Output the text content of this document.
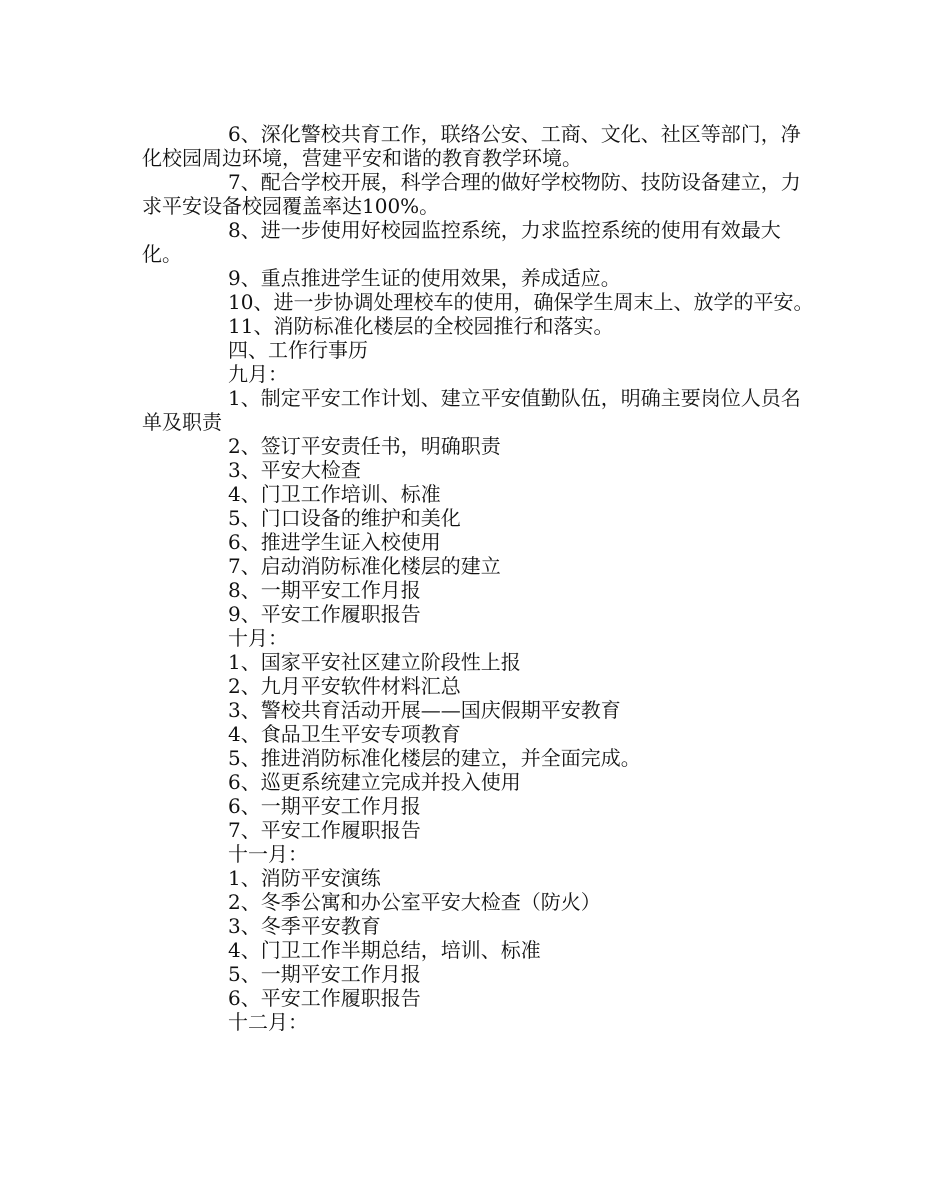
6、深化警校共育工作，联络公安、工商、文化、社区等部门，净化校园周边环境，营建平安和谐的教育教学环境。

7、配合学校开展，科学合理的做好学校物防、技防设备建立，力求平安设备校园覆盖率达100%。

8、进一步使用好校园监控系统，力求监控系统的使用有效最大化。

9、重点推进学生证的使用效果，养成适应。

10、进一步协调处理校车的使用，确保学生周末上、放学的平安。

11、消防标准化楼层的全校园推行和落实。

四、工作行事历

九月：

1、制定平安工作计划、建立平安值勤队伍，明确主要岗位人员名单及职责

2、签订平安责任书，明确职责

3、平安大检查

4、门卫工作培训、标准

5、门口设备的维护和美化

6、推进学生证入校使用

7、启动消防标准化楼层的建立

8、一期平安工作月报

9、平安工作履职报告

十月：

1、国家平安社区建立阶段性上报

2、九月平安软件材料汇总

3、警校共育活动开展——国庆假期平安教育

4、食品卫生平安专项教育

5、推进消防标准化楼层的建立，并全面完成。

6、巡更系统建立完成并投入使用

6、一期平安工作月报

7、平安工作履职报告

十一月：

1、消防平安演练

2、冬季公寓和办公室平安大检查（防火）

3、冬季平安教育

4、门卫工作半期总结，培训、标准

5、一期平安工作月报

6、平安工作履职报告

十二月：
